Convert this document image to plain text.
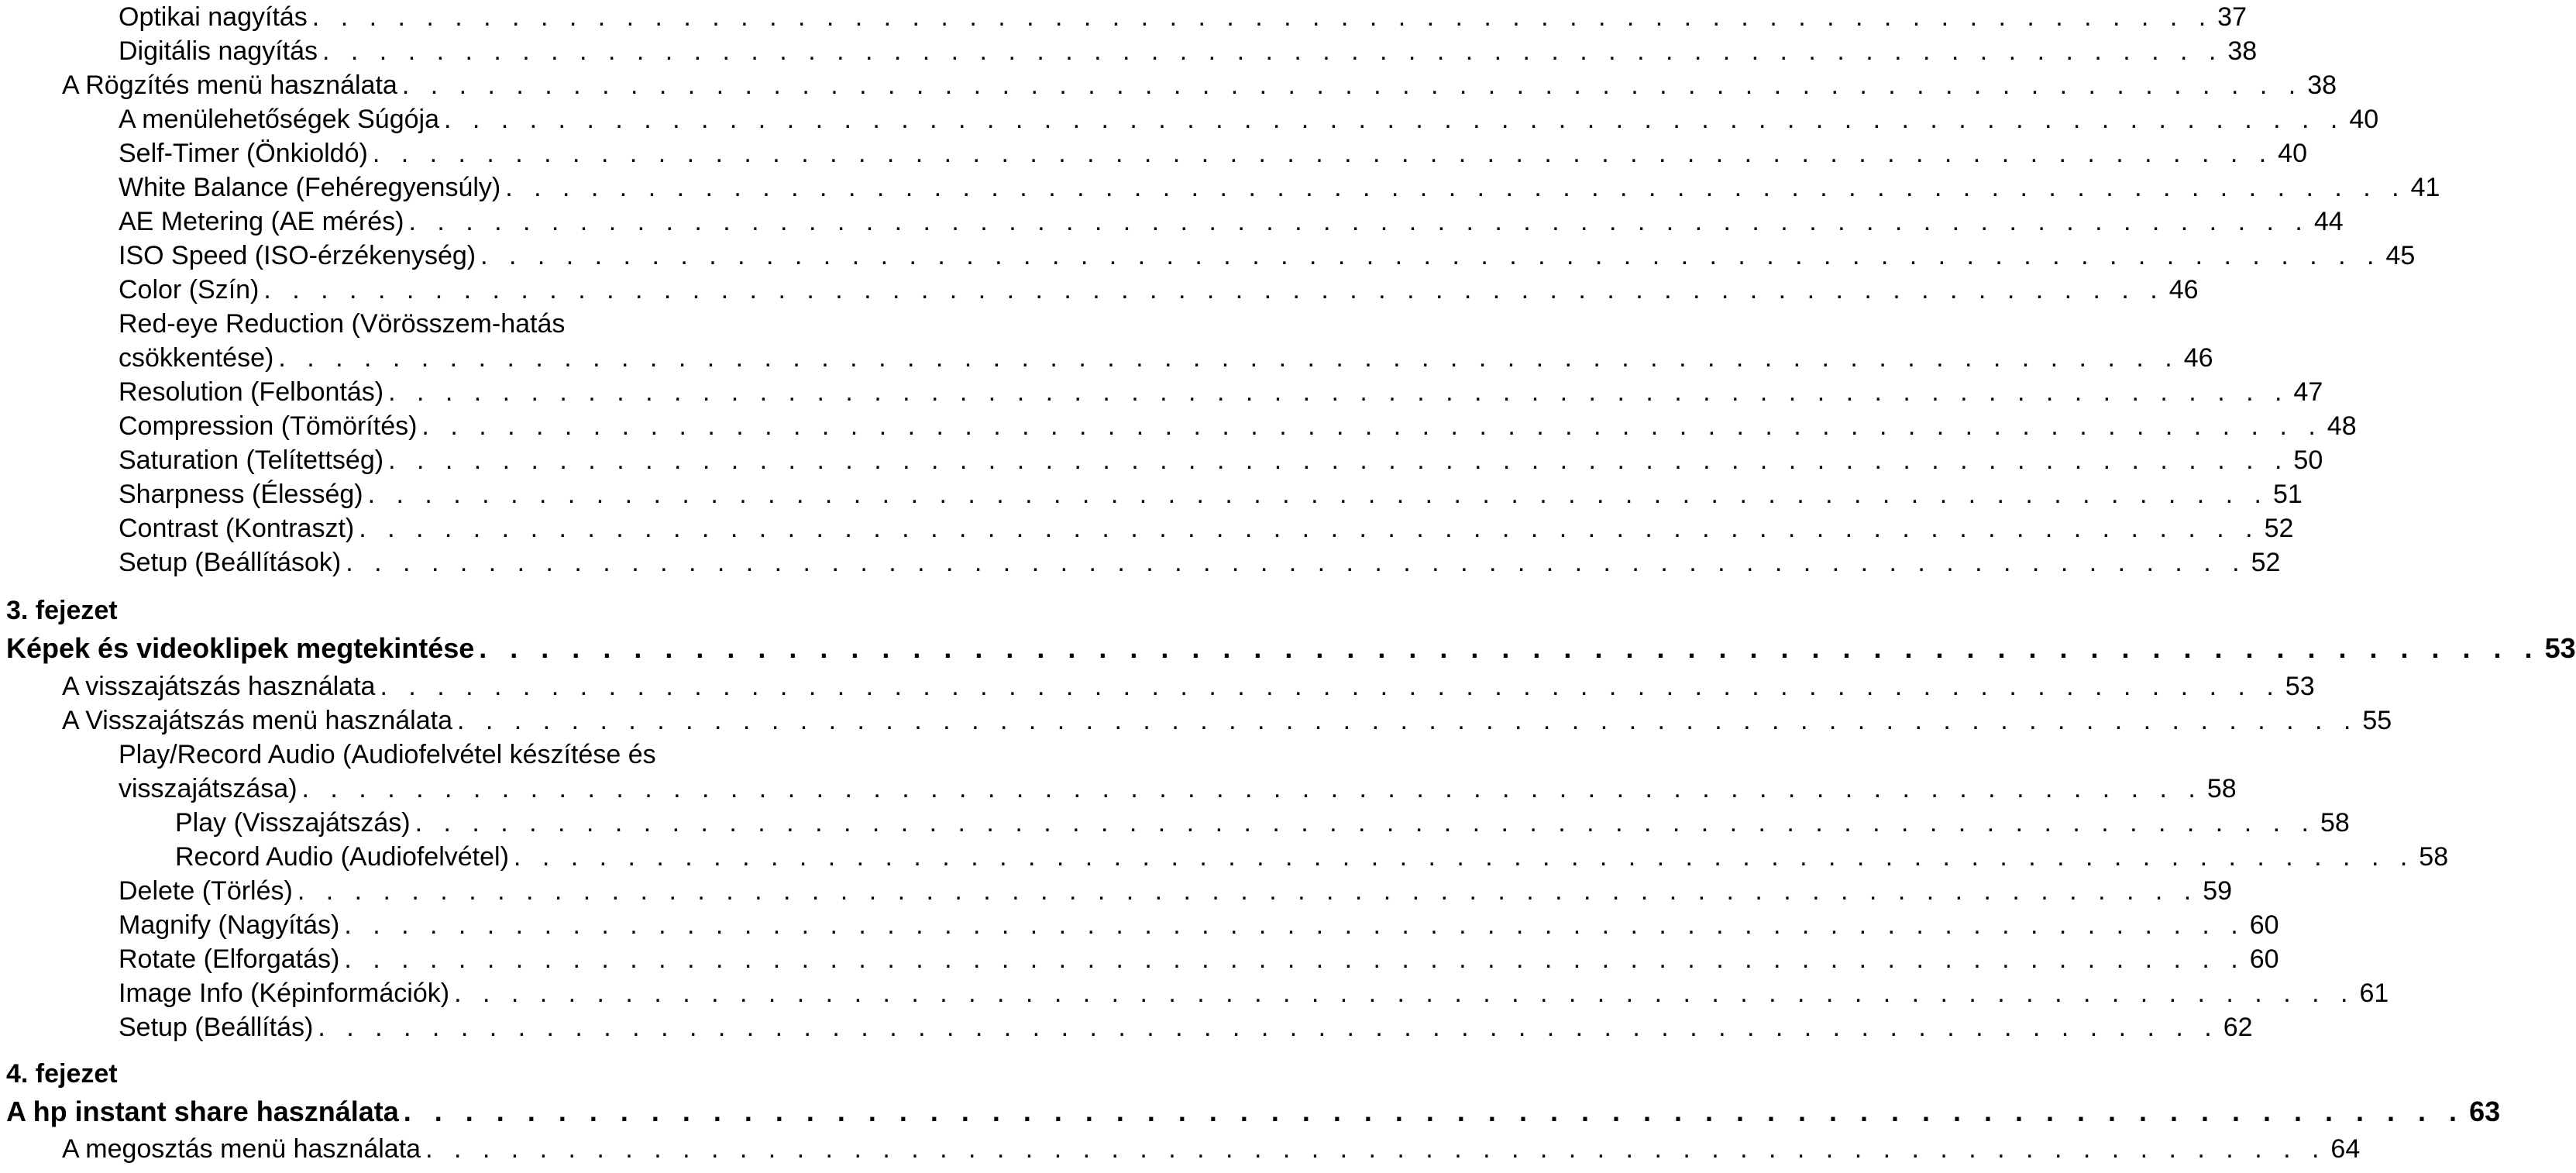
Optikai nagyítás . . . . . . . . . . . . . . . . . . . . . . . . . . . . . . . . . . . . . . . . . . . . . . . . . . . . . . . . . . . . . . . . . . . 37
Digitális nagyítás . . . . . . . . . . . . . . . . . . . . . . . . . . . . . . . . . . . . . . . . . . . . . . . . . . . . . . . . . . . . . . . . . . . 38
A Rögzítés menü használata . . . . . . . . . . . . . . . . . . . . . . . . . . . . . . . . . . . . . . . . . . . . . . . . . . . . . . . . . . . . . . . . . . . 38
A menülehetőségek Súgója . . . . . . . . . . . . . . . . . . . . . . . . . . . . . . . . . . . . . . . . . . . . . . . . . . . . . . . . . . . . . . . . . . . 40
Self-Timer (Önkioldó) . . . . . . . . . . . . . . . . . . . . . . . . . . . . . . . . . . . . . . . . . . . . . . . . . . . . . . . . . . . . . . . . . . . 40
White Balance (Fehéregyensúly) . . . . . . . . . . . . . . . . . . . . . . . . . . . . . . . . . . . . . . . . . . . . . . . . . . . . . . . . . . . . . . . . . . . 41
AE Metering (AE mérés) . . . . . . . . . . . . . . . . . . . . . . . . . . . . . . . . . . . . . . . . . . . . . . . . . . . . . . . . . . . . . . . . . . . 44
ISO Speed (ISO-érzékenység) . . . . . . . . . . . . . . . . . . . . . . . . . . . . . . . . . . . . . . . . . . . . . . . . . . . . . . . . . . . . . . . . . . . 45
Color (Szín) . . . . . . . . . . . . . . . . . . . . . . . . . . . . . . . . . . . . . . . . . . . . . . . . . . . . . . . . . . . . . . . . . . . 46
Red-eye Reduction (Vörösszem-hatás
csökkentése) . . . . . . . . . . . . . . . . . . . . . . . . . . . . . . . . . . . . . . . . . . . . . . . . . . . . . . . . . . . . . . . . . . . 46
Resolution (Felbontás) . . . . . . . . . . . . . . . . . . . . . . . . . . . . . . . . . . . . . . . . . . . . . . . . . . . . . . . . . . . . . . . . . . . 47
Compression (Tömörítés) . . . . . . . . . . . . . . . . . . . . . . . . . . . . . . . . . . . . . . . . . . . . . . . . . . . . . . . . . . . . . . . . . . . 48
Saturation (Telítettség) . . . . . . . . . . . . . . . . . . . . . . . . . . . . . . . . . . . . . . . . . . . . . . . . . . . . . . . . . . . . . . . . . . . 50
Sharpness (Élesség) . . . . . . . . . . . . . . . . . . . . . . . . . . . . . . . . . . . . . . . . . . . . . . . . . . . . . . . . . . . . . . . . . . . 51
Contrast (Kontraszt) . . . . . . . . . . . . . . . . . . . . . . . . . . . . . . . . . . . . . . . . . . . . . . . . . . . . . . . . . . . . . . . . . . . 52
Setup (Beállítások) . . . . . . . . . . . . . . . . . . . . . . . . . . . . . . . . . . . . . . . . . . . . . . . . . . . . . . . . . . . . . . . . . . . 52
3. fejezet
Képek és videoklipek megtekintése . . . . . . . . . . . . . . . . . . . . . . . . . . . . . . . . . . . . . . . . . . . . . . . . . . . . . . . . . . . . . . . . . . . 53
A visszajátszás használata . . . . . . . . . . . . . . . . . . . . . . . . . . . . . . . . . . . . . . . . . . . . . . . . . . . . . . . . . . . . . . . . . . . 53
A Visszajátszás menü használata . . . . . . . . . . . . . . . . . . . . . . . . . . . . . . . . . . . . . . . . . . . . . . . . . . . . . . . . . . . . . . . . . . . 55
Play/Record Audio (Audiofelvétel készítése és
visszajátszása) . . . . . . . . . . . . . . . . . . . . . . . . . . . . . . . . . . . . . . . . . . . . . . . . . . . . . . . . . . . . . . . . . . . 58
Play (Visszajátszás) . . . . . . . . . . . . . . . . . . . . . . . . . . . . . . . . . . . . . . . . . . . . . . . . . . . . . . . . . . . . . . . . . . . 58
Record Audio (Audiofelvétel) . . . . . . . . . . . . . . . . . . . . . . . . . . . . . . . . . . . . . . . . . . . . . . . . . . . . . . . . . . . . . . . . . . . 58
Delete (Törlés) . . . . . . . . . . . . . . . . . . . . . . . . . . . . . . . . . . . . . . . . . . . . . . . . . . . . . . . . . . . . . . . . . . . 59
Magnify (Nagyítás) . . . . . . . . . . . . . . . . . . . . . . . . . . . . . . . . . . . . . . . . . . . . . . . . . . . . . . . . . . . . . . . . . . . 60
Rotate (Elforgatás) . . . . . . . . . . . . . . . . . . . . . . . . . . . . . . . . . . . . . . . . . . . . . . . . . . . . . . . . . . . . . . . . . . . 60
Image Info (Képinformációk) . . . . . . . . . . . . . . . . . . . . . . . . . . . . . . . . . . . . . . . . . . . . . . . . . . . . . . . . . . . . . . . . . . . 61
Setup (Beállítás) . . . . . . . . . . . . . . . . . . . . . . . . . . . . . . . . . . . . . . . . . . . . . . . . . . . . . . . . . . . . . . . . . . . 62
4. fejezet
A hp instant share használata . . . . . . . . . . . . . . . . . . . . . . . . . . . . . . . . . . . . . . . . . . . . . . . . . . . . . . . . . . . . . . . . . . . 63
A megosztás menü használata . . . . . . . . . . . . . . . . . . . . . . . . . . . . . . . . . . . . . . . . . . . . . . . . . . . . . . . . . . . . . . . . . . . 64
